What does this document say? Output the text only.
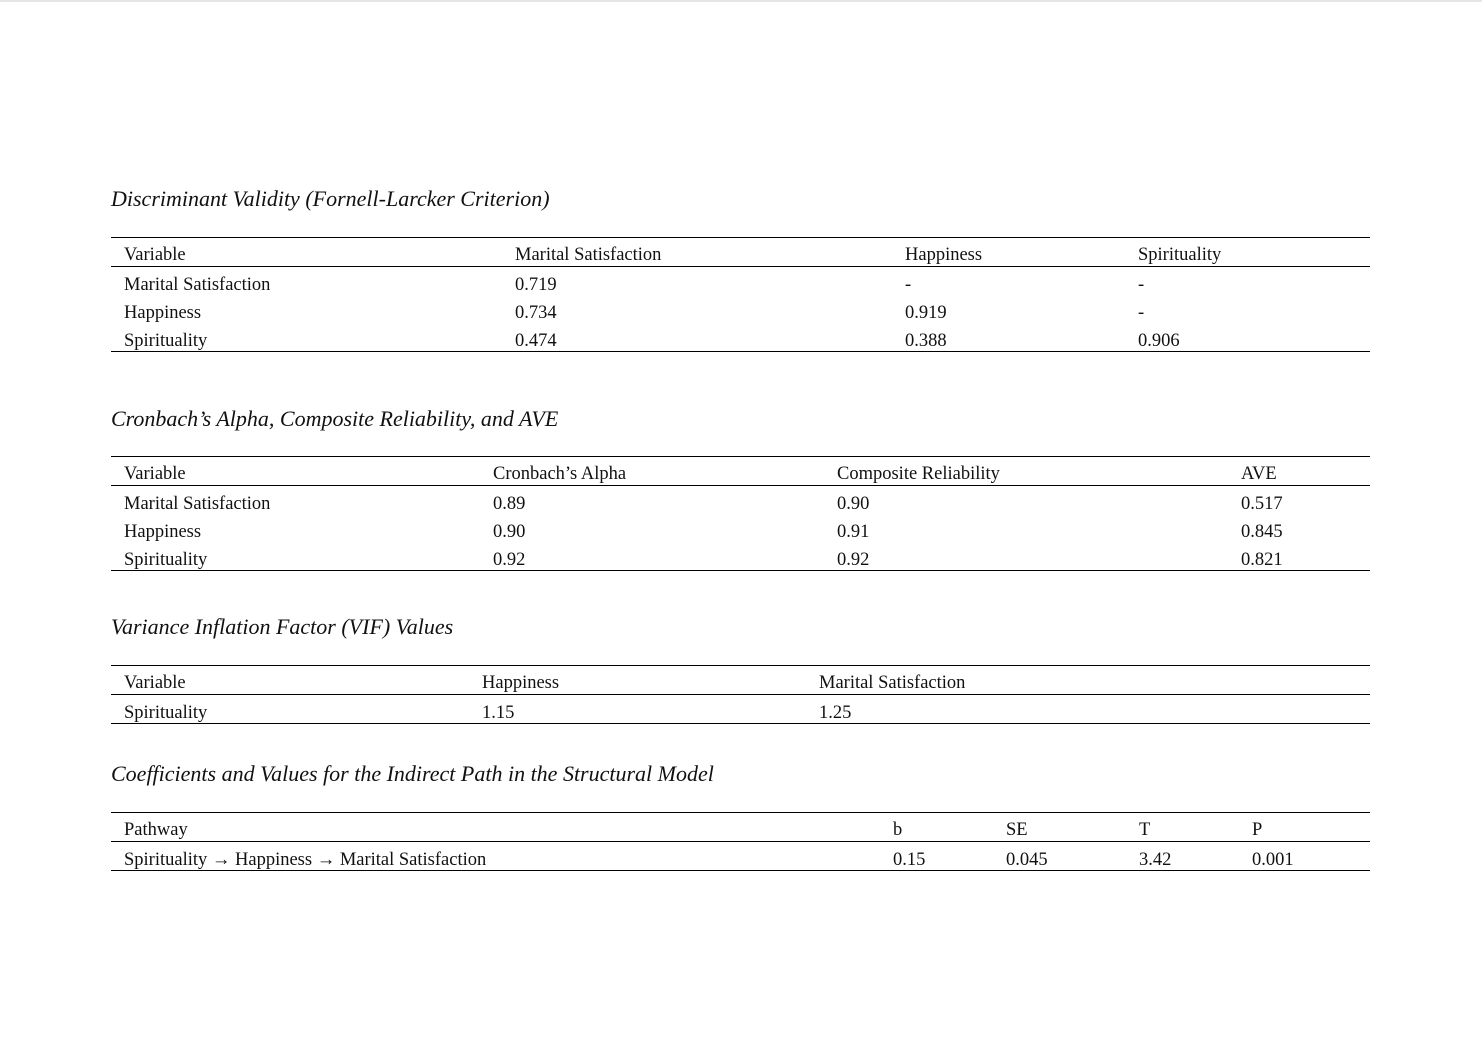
Discriminant Validity (Fornell-Larcker Criterion)
Variable	Marital Satisfaction	Happiness	Spirituality
Marital Satisfaction	0.719	-	-
Happiness	0.734	0.919	-
Spirituality	0.474	0.388	0.906
Cronbach’s Alpha, Composite Reliability, and AVE
Variable	Cronbach’s Alpha	Composite Reliability	AVE
Marital Satisfaction	0.89	0.90	0.517
Happiness	0.90	0.91	0.845
Spirituality	0.92	0.92	0.821
Variance Inflation Factor (VIF) Values
Variable	Happiness	Marital Satisfaction
Spirituality	1.15	1.25
Coefficients and Values for the Indirect Path in the Structural Model
Pathway	b	SE	T	P
Spirituality → Happiness → Marital Satisfaction	0.15	0.045	3.42	0.001
